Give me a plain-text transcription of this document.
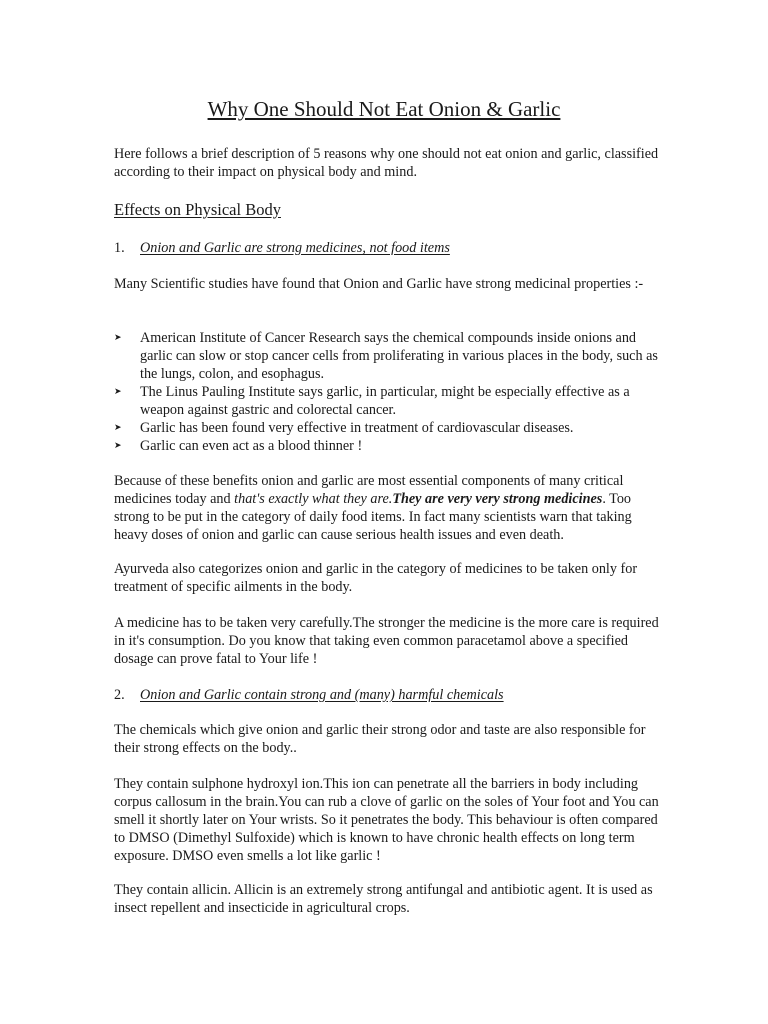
Why One Should Not Eat Onion & Garlic

Here follows a brief description of 5 reasons why one should not eat onion and garlic, classified according to their impact on physical body and mind.

Effects on Physical Body
1. Onion and Garlic are strong medicines, not food items

Many Scientific studies have found that Onion and Garlic have strong medicinal properties :-

➤ American Institute of Cancer Research says the chemical compounds inside onions and garlic can slow or stop cancer cells from proliferating in various places in the body, such as the lungs, colon, and esophagus.
➤ The Linus Pauling Institute says garlic, in particular, might be especially effective as a weapon against gastric and colorectal cancer.
➤ Garlic has been found very effective in treatment of cardiovascular diseases.
➤ Garlic can even act as a blood thinner !

Because of these benefits onion and garlic are most essential components of many critical medicines today and that's exactly what they are.They are very very strong medicines. Too strong to be put in the category of daily food items. In fact many scientists warn that taking heavy doses of onion and garlic can cause serious health issues and even death.

Ayurveda also categorizes onion and garlic in the category of medicines to be taken only for treatment of specific ailments in the body.

A medicine has to be taken very carefully.The stronger the medicine is the more care is required in it's consumption. Do you know that taking even common paracetamol above a specified dosage can prove fatal to Your life !

2. Onion and Garlic contain strong and (many) harmful chemicals

The chemicals which give onion and garlic their strong odor and taste are also responsible for their strong effects on the body..

They contain sulphone hydroxyl ion.This ion can penetrate all the barriers in body including corpus callosum in the brain.You can rub a clove of garlic on the soles of Your foot and You can smell it shortly later on Your wrists. So it penetrates the body. This behaviour is often compared to DMSO (Dimethyl Sulfoxide) which is known to have chronic health effects on long term exposure. DMSO even smells a lot like garlic !

They contain allicin. Allicin is an extremely strong antifungal and antibiotic agent. It is used as insect repellent and insecticide in agricultural crops.
